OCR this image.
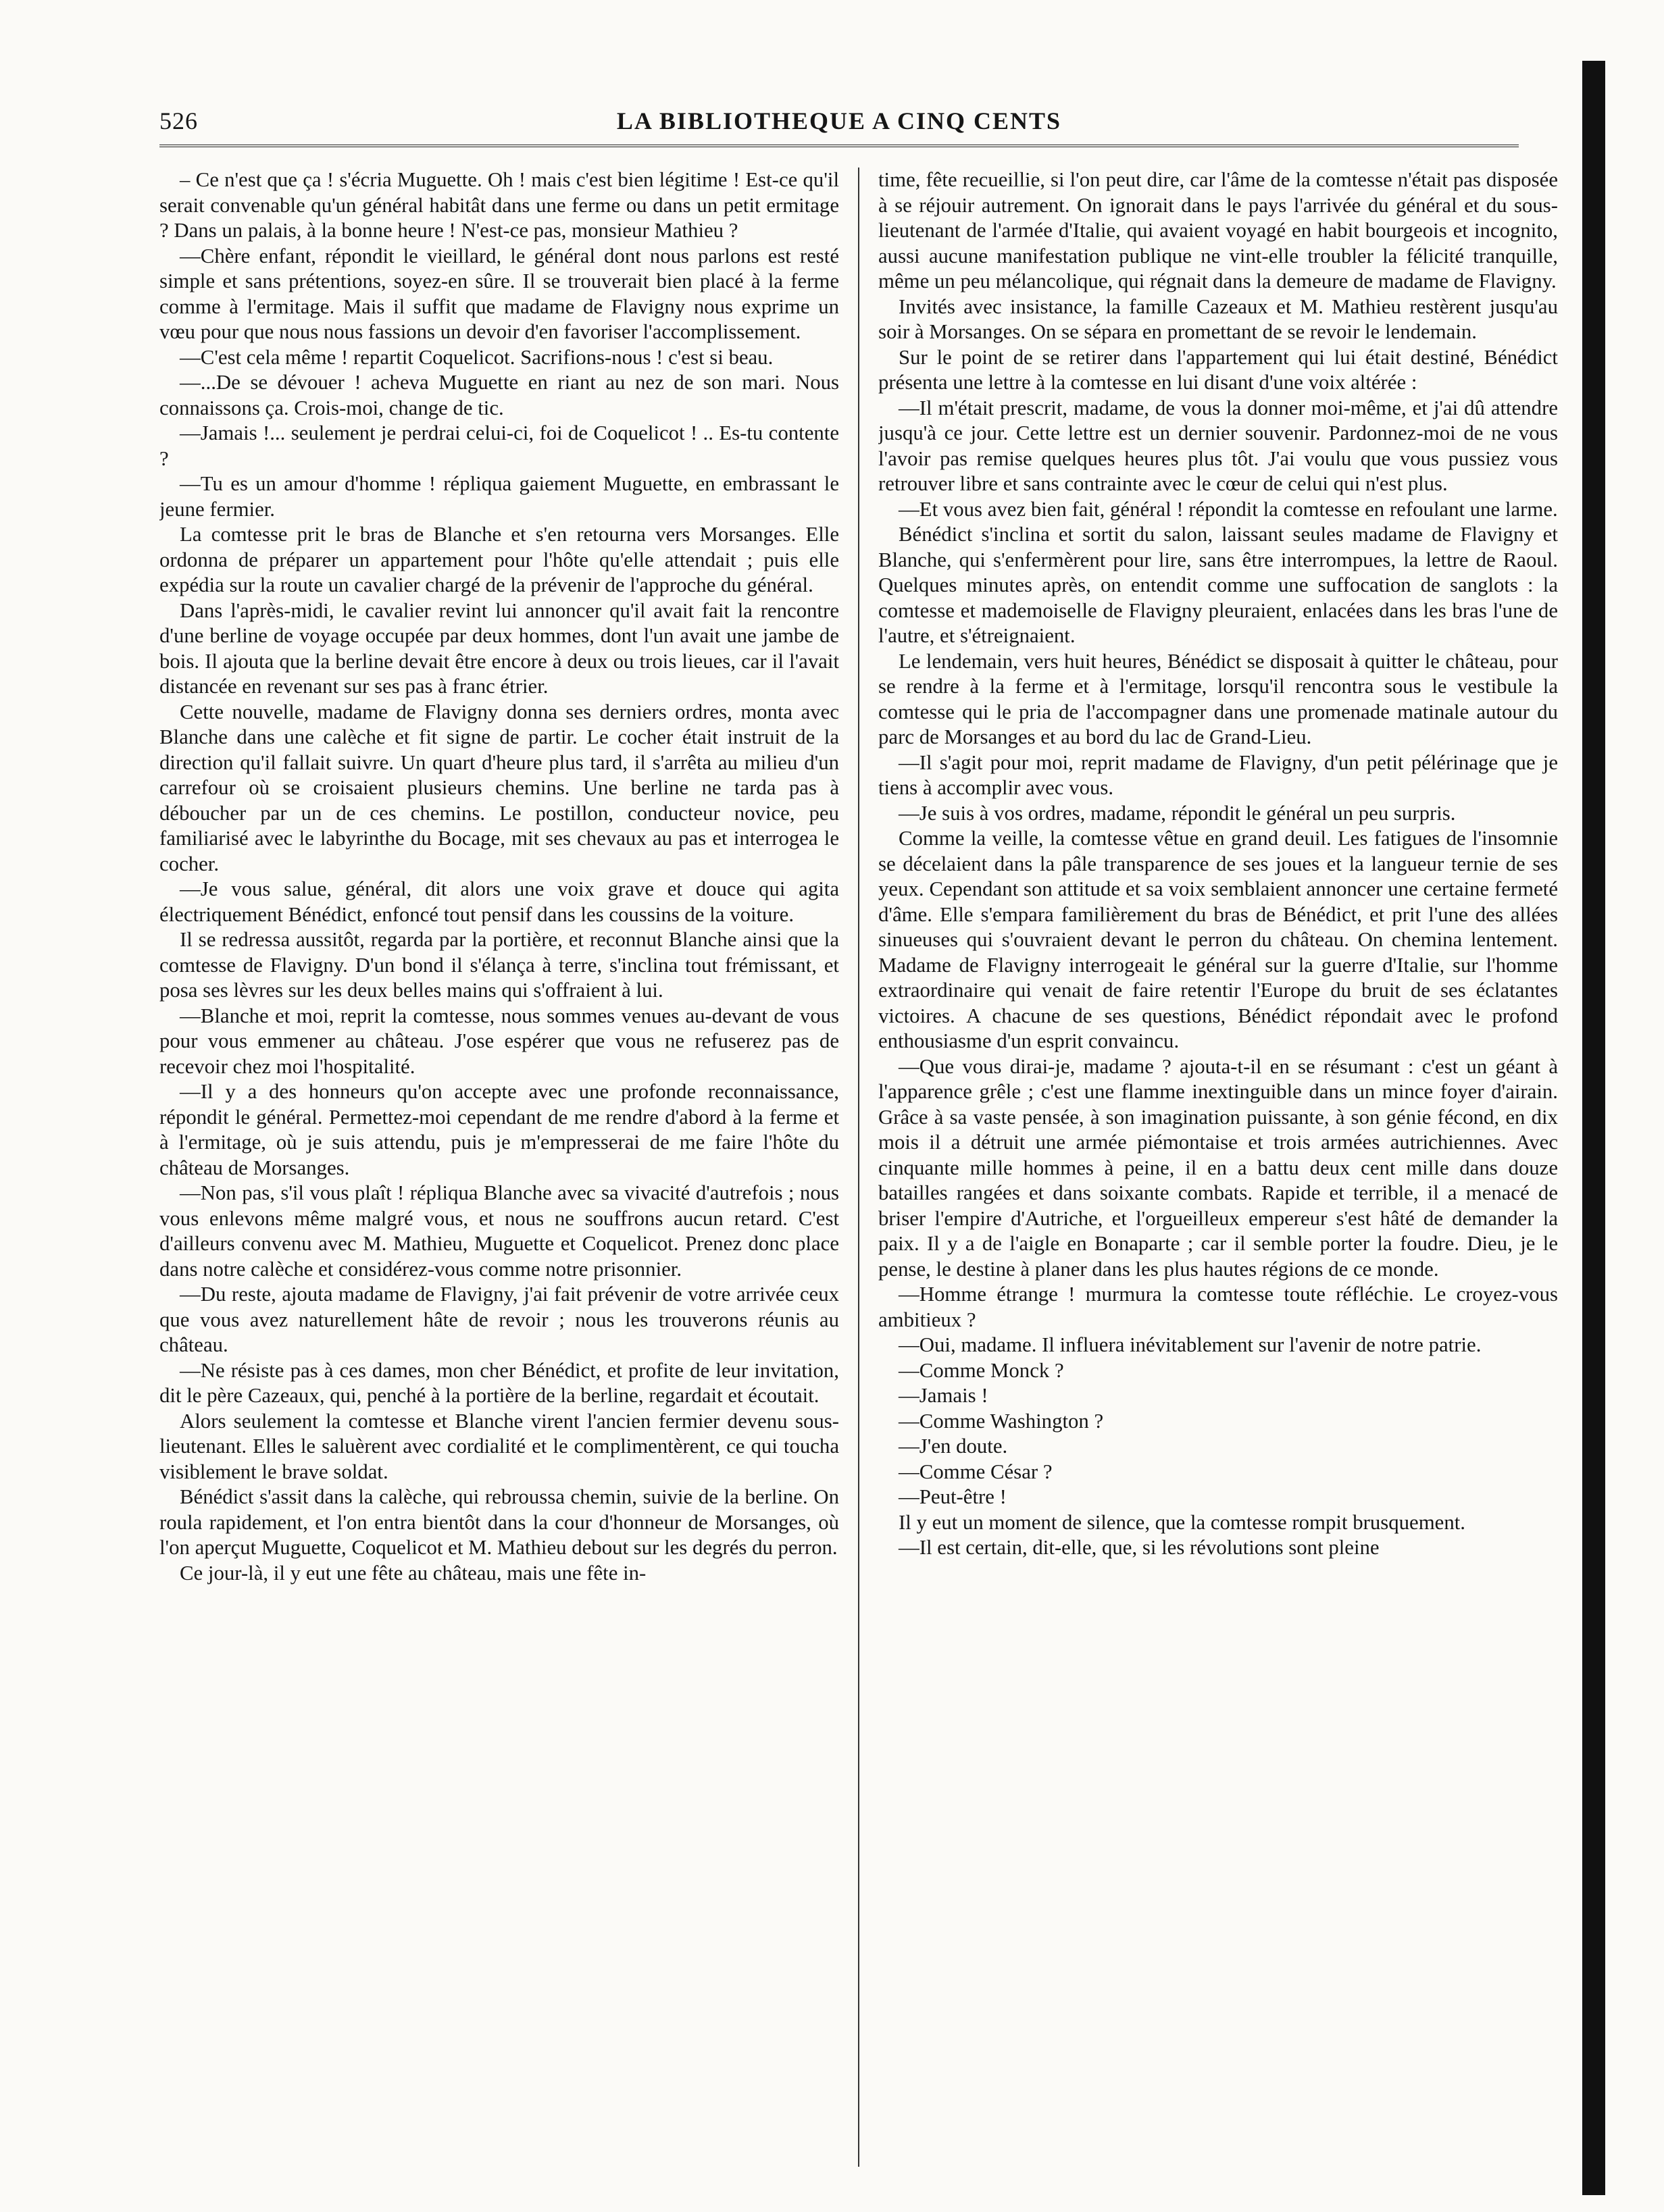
526	LA BIBLIOTHEQUE A CINQ CENTS

– Ce n'est que ça ! s'écria Muguette. Oh ! mais c'est bien légitime ! Est-ce qu'il serait convenable qu'un général habitât dans une ferme ou dans un petit ermitage ? Dans un palais, à la bonne heure ! N'est-ce pas, monsieur Mathieu ?

—Chère enfant, répondit le vieillard, le général dont nous parlons est resté simple et sans prétentions, soyez-en sûre. Il se trouverait bien placé à la ferme comme à l'ermitage. Mais il suffit que madame de Flavigny nous exprime un vœu pour que nous nous fassions un devoir d'en favoriser l'accomplissement.

—C'est cela même ! repartit Coquelicot. Sacrifions-nous ! c'est si beau.

—...De se dévouer ! acheva Muguette en riant au nez de son mari. Nous connaissons ça. Crois-moi, change de tic.

—Jamais !... seulement je perdrai celui-ci, foi de Coquelicot ! .. Es-tu contente ?

—Tu es un amour d'homme ! répliqua gaiement Muguette, en embrassant le jeune fermier.

La comtesse prit le bras de Blanche et s'en retourna vers Morsanges. Elle ordonna de préparer un appartement pour l'hôte qu'elle attendait ; puis elle expédia sur la route un cavalier chargé de la prévenir de l'approche du général.

Dans l'après-midi, le cavalier revint lui annoncer qu'il avait fait la rencontre d'une berline de voyage occupée par deux hommes, dont l'un avait une jambe de bois. Il ajouta que la berline devait être encore à deux ou trois lieues, car il l'avait distancée en revenant sur ses pas à franc étrier.

Cette nouvelle, madame de Flavigny donna ses derniers ordres, monta avec Blanche dans une calèche et fit signe de partir. Le cocher était instruit de la direction qu'il fallait suivre. Un quart d'heure plus tard, il s'arrêta au milieu d'un carrefour où se croisaient plusieurs chemins. Une berline ne tarda pas à déboucher par un de ces chemins. Le postillon, conducteur novice, peu familiarisé avec le labyrinthe du Bocage, mit ses chevaux au pas et interrogea le cocher.

—Je vous salue, général, dit alors une voix grave et douce qui agita électriquement Bénédict, enfoncé tout pensif dans les coussins de la voiture.

Il se redressa aussitôt, regarda par la portière, et reconnut Blanche ainsi que la comtesse de Flavigny. D'un bond il s'élança à terre, s'inclina tout frémissant, et posa ses lèvres sur les deux belles mains qui s'offraient à lui.

—Blanche et moi, reprit la comtesse, nous sommes venues au-devant de vous pour vous emmener au château. J'ose espérer que vous ne refuserez pas de recevoir chez moi l'hospitalité.

—Il y a des honneurs qu'on accepte avec une profonde reconnaissance, répondit le général. Permettez-moi cependant de me rendre d'abord à la ferme et à l'ermitage, où je suis attendu, puis je m'empresserai de me faire l'hôte du château de Morsanges.

—Non pas, s'il vous plaît ! répliqua Blanche avec sa vivacité d'autrefois ; nous vous enlevons même malgré vous, et nous ne souffrons aucun retard. C'est d'ailleurs convenu avec M. Mathieu, Muguette et Coquelicot. Prenez donc place dans notre calèche et considérez-vous comme notre prisonnier.

—Du reste, ajouta madame de Flavigny, j'ai fait prévenir de votre arrivée ceux que vous avez naturellement hâte de revoir ; nous les trouverons réunis au château.

—Ne résiste pas à ces dames, mon cher Bénédict, et profite de leur invitation, dit le père Cazeaux, qui, penché à la portière de la berline, regardait et écoutait.

Alors seulement la comtesse et Blanche virent l'ancien fermier devenu sous-lieutenant. Elles le saluèrent avec cordialité et le complimentèrent, ce qui toucha visiblement le brave soldat.

Bénédict s'assit dans la calèche, qui rebroussa chemin, suivie de la berline. On roula rapidement, et l'on entra bientôt dans la cour d'honneur de Morsanges, où l'on aperçut Muguette, Coquelicot et M. Mathieu debout sur les degrés du perron.

Ce jour-là, il y eut une fête au château, mais une fête in-

time, fête recueillie, si l'on peut dire, car l'âme de la comtesse n'était pas disposée à se réjouir autrement. On ignorait dans le pays l'arrivée du général et du sous-lieutenant de l'armée d'Italie, qui avaient voyagé en habit bourgeois et incognito, aussi aucune manifestation publique ne vint-elle troubler la félicité tranquille, même un peu mélancolique, qui régnait dans la demeure de madame de Flavigny.

Invités avec insistance, la famille Cazeaux et M. Mathieu restèrent jusqu'au soir à Morsanges. On se sépara en promettant de se revoir le lendemain.

Sur le point de se retirer dans l'appartement qui lui était destiné, Bénédict présenta une lettre à la comtesse en lui disant d'une voix altérée :

—Il m'était prescrit, madame, de vous la donner moi-même, et j'ai dû attendre jusqu'à ce jour. Cette lettre est un dernier souvenir. Pardonnez-moi de ne vous l'avoir pas remise quelques heures plus tôt. J'ai voulu que vous pussiez vous retrouver libre et sans contrainte avec le cœur de celui qui n'est plus.

—Et vous avez bien fait, général ! répondit la comtesse en refoulant une larme.

Bénédict s'inclina et sortit du salon, laissant seules madame de Flavigny et Blanche, qui s'enfermèrent pour lire, sans être interrompues, la lettre de Raoul. Quelques minutes après, on entendit comme une suffocation de sanglots : la comtesse et mademoiselle de Flavigny pleuraient, enlacées dans les bras l'une de l'autre, et s'étreignaient.

Le lendemain, vers huit heures, Bénédict se disposait à quitter le château, pour se rendre à la ferme et à l'ermitage, lorsqu'il rencontra sous le vestibule la comtesse qui le pria de l'accompagner dans une promenade matinale autour du parc de Morsanges et au bord du lac de Grand-Lieu.

—Il s'agit pour moi, reprit madame de Flavigny, d'un petit pélérinage que je tiens à accomplir avec vous.

—Je suis à vos ordres, madame, répondit le général un peu surpris.

Comme la veille, la comtesse vêtue en grand deuil. Les fatigues de l'insomnie se décelaient dans la pâle transparence de ses joues et la langueur ternie de ses yeux. Cependant son attitude et sa voix semblaient annoncer une certaine fermeté d'âme. Elle s'empara familièrement du bras de Bénédict, et prit l'une des allées sinueuses qui s'ouvraient devant le perron du château. On chemina lentement. Madame de Flavigny interrogeait le général sur la guerre d'Italie, sur l'homme extraordinaire qui venait de faire retentir l'Europe du bruit de ses éclatantes victoires. A chacune de ses questions, Bénédict répondait avec le profond enthousiasme d'un esprit convaincu.

—Que vous dirai-je, madame ? ajouta-t-il en se résumant : c'est un géant à l'apparence grêle ; c'est une flamme inextinguible dans un mince foyer d'airain. Grâce à sa vaste pensée, à son imagination puissante, à son génie fécond, en dix mois il a détruit une armée piémontaise et trois armées autrichiennes. Avec cinquante mille hommes à peine, il en a battu deux cent mille dans douze batailles rangées et dans soixante combats. Rapide et terrible, il a menacé de briser l'empire d'Autriche, et l'orgueilleux empereur s'est hâté de demander la paix. Il y a de l'aigle en Bonaparte ; car il semble porter la foudre. Dieu, je le pense, le destine à planer dans les plus hautes régions de ce monde.

—Homme étrange ! murmura la comtesse toute réfléchie. Le croyez-vous ambitieux ?

—Oui, madame. Il influera inévitablement sur l'avenir de notre patrie.

—Comme Monck ?

—Jamais !

—Comme Washington ?

—J'en doute.

—Comme César ?

—Peut-être !

Il y eut un moment de silence, que la comtesse rompit brusquement.

—Il est certain, dit-elle, que, si les révolutions sont pleine
